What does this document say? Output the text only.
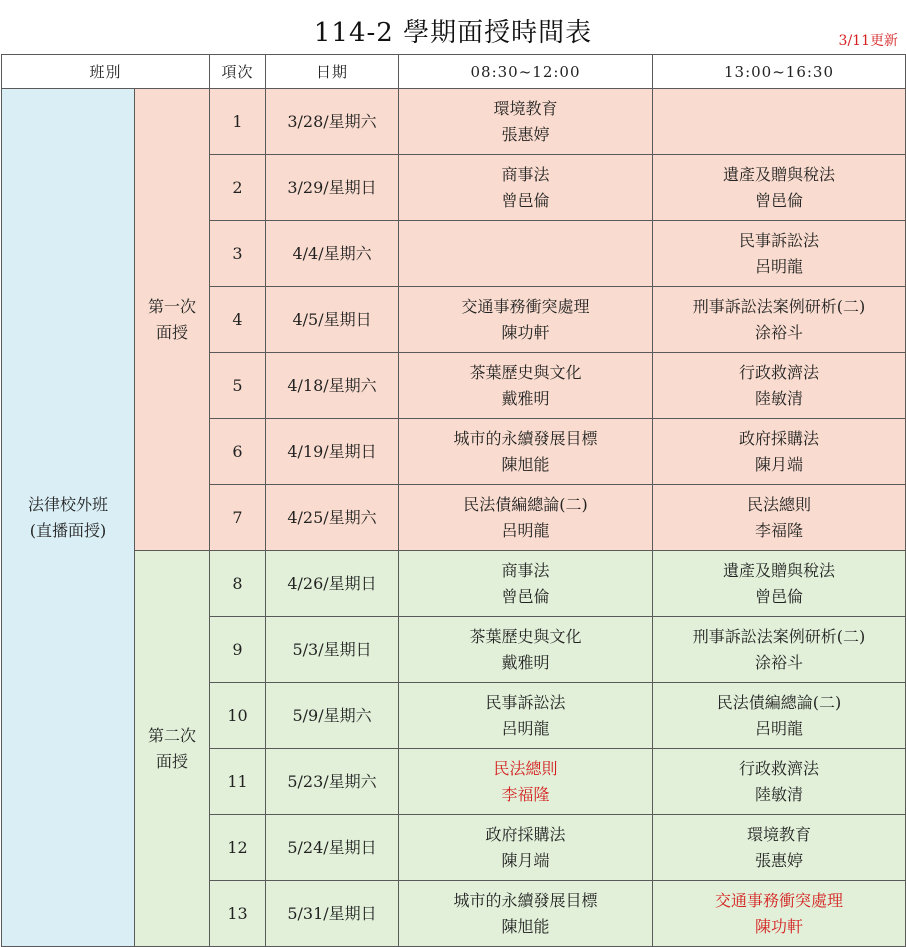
114-2 學期面授時間表	3/11更新
班別		項次	日期	08:30~12:00	13:00~16:30

法律校外班
(直播面授)	第一次
面授	1	3/28/星期六	環境教育
張惠婷	

		2	3/29/星期日	商事法
曾邑倫	遺產及贈與稅法
曾邑倫

		3	4/4/星期六		民事訴訟法
呂明龍

		4	4/5/星期日	交通事務衝突處理
陳功軒	刑事訴訟法案例研析(二)
涂裕斗

		5	4/18/星期六	茶葉歷史與文化
戴雅明	行政救濟法
陸敏清

		6	4/19/星期日	城市的永續發展目標
陳旭能	政府採購法
陳月端

		7	4/25/星期六	民法債編總論(二)
呂明龍	民法總則
李福隆

	第二次
面授	8	4/26/星期日	商事法
曾邑倫	遺產及贈與稅法
曾邑倫

		9	5/3/星期日	茶葉歷史與文化
戴雅明	刑事訴訟法案例研析(二)
涂裕斗

		10	5/9/星期六	民事訴訟法
呂明龍	民法債編總論(二)
呂明龍

		11	5/23/星期六	民法總則
李福隆	行政救濟法
陸敏清

		12	5/24/星期日	政府採購法
陳月端	環境教育
張惠婷

		13	5/31/星期日	城市的永續發展目標
陳旭能	交通事務衝突處理
陳功軒
